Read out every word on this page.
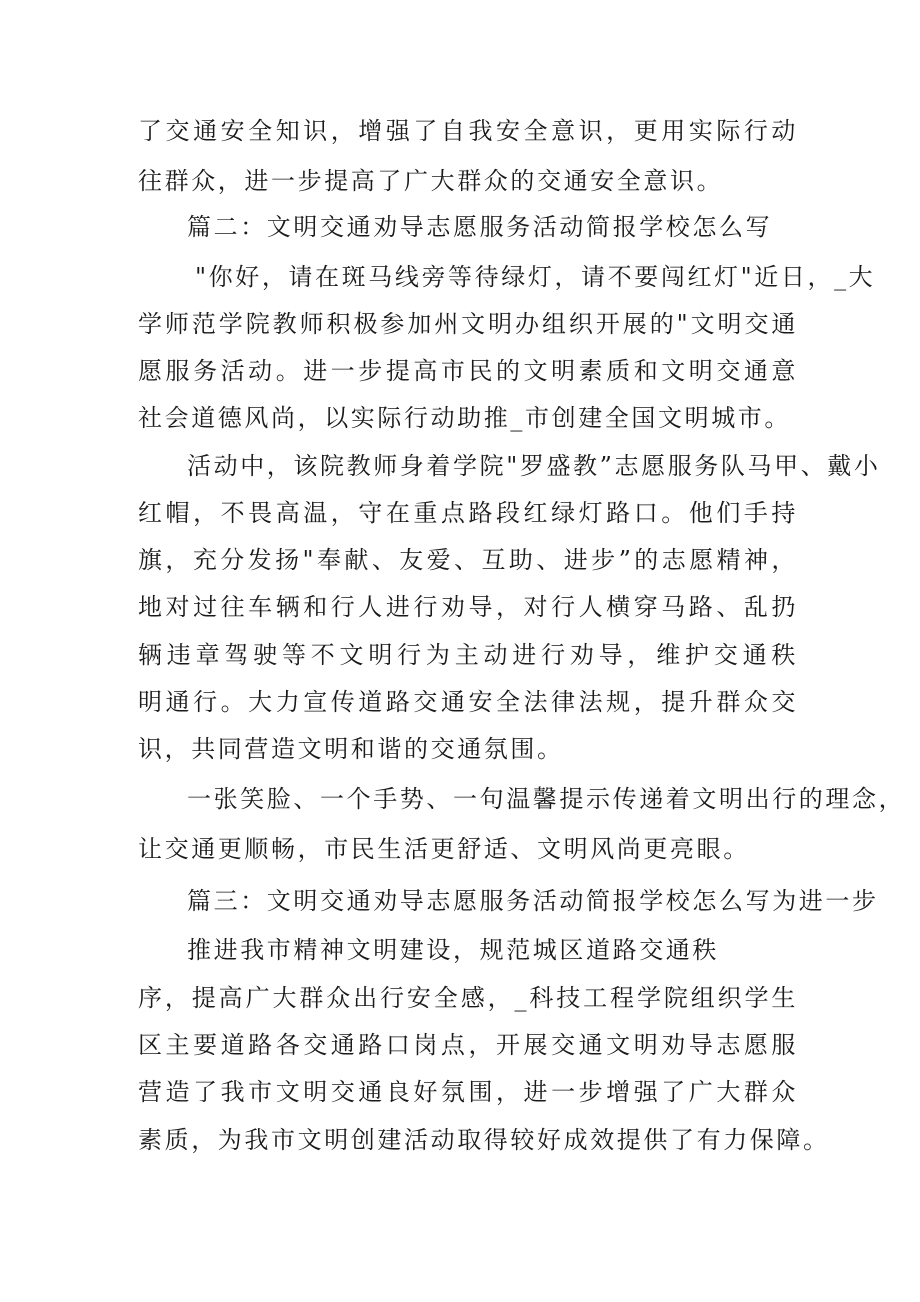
了交通安全知识，增强了自我安全意识，更用实际行动
往群众，进一步提高了广大群众的交通安全意识。
篇二：文明交通劝导志愿服务活动简报学校怎么写
"你好，请在斑马线旁等待绿灯，请不要闯红灯"近日，_大
学师范学院教师积极参加州文明办组织开展的"文明交通
愿服务活动。进一步提高市民的文明素质和文明交通意
社会道德风尚，以实际行动助推_市创建全国文明城市。
活动中，该院教师身着学院"罗盛教”志愿服务队马甲、戴小
红帽，不畏高温，守在重点路段红绿灯路口。他们手持
旗，充分发扬"奉献、友爱、互助、进步”的志愿精神，
地对过往车辆和行人进行劝导，对行人横穿马路、乱扔
辆违章驾驶等不文明行为主动进行劝导，维护交通秩
明通行。大力宣传道路交通安全法律法规，提升群众交
识，共同营造文明和谐的交通氛围。
一张笑脸、一个手势、一句温馨提示传递着文明出行的理念，
让交通更顺畅，市民生活更舒适、文明风尚更亮眼。
篇三：文明交通劝导志愿服务活动简报学校怎么写为进一步
推进我市精神文明建设，规范城区道路交通秩
序，提高广大群众出行安全感，_科技工程学院组织学生
区主要道路各交通路口岗点，开展交通文明劝导志愿服
营造了我市文明交通良好氛围，进一步增强了广大群众
素质，为我市文明创建活动取得较好成效提供了有力保障。
